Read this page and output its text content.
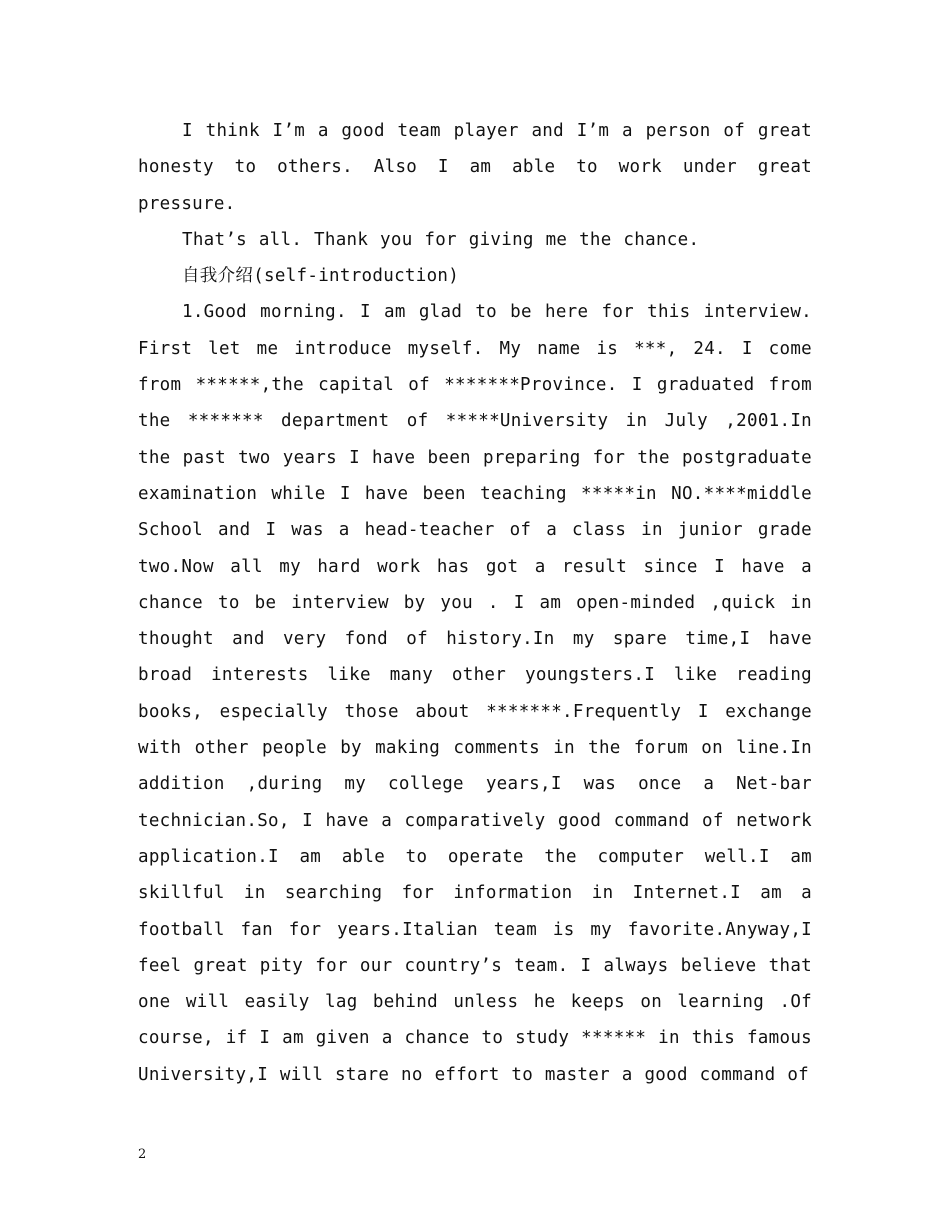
I think I’m a good team player and I’m a person of great honesty to others. Also I am able to work under great pressure.

That’s all. Thank you for giving me the chance.

自我介绍(self-introduction)

1.Good morning. I am glad to be here for this interview. First let me introduce myself. My name is ***, 24. I come from ******,the capital of *******Province. I graduated from the ******* department of *****University in July ,2001.In the past two years I have been preparing for the postgraduate examination while I have been teaching *****in NO.****middle School and I was a head-teacher of a class in junior grade two.Now all my hard work has got a result since I have a chance to be interview by you . I am open-minded ,quick in thought and very fond of history.In my spare time,I have broad interests like many other youngsters.I like reading books, especially those about *******.Frequently I exchange with other people by making comments in the forum on line.In addition ,during my college years,I was once a Net-bar technician.So, I have a comparatively good command of network application.I am able to operate the computer well.I am skillful in searching for information in Internet.I am a football fan for years.Italian team is my favorite.Anyway,I feel great pity for our country’s team. I always believe that one will easily lag behind unless he keeps on learning .Of course, if I am given a chance to study ****** in this famous University,I will stare no effort to master a good command of

2
